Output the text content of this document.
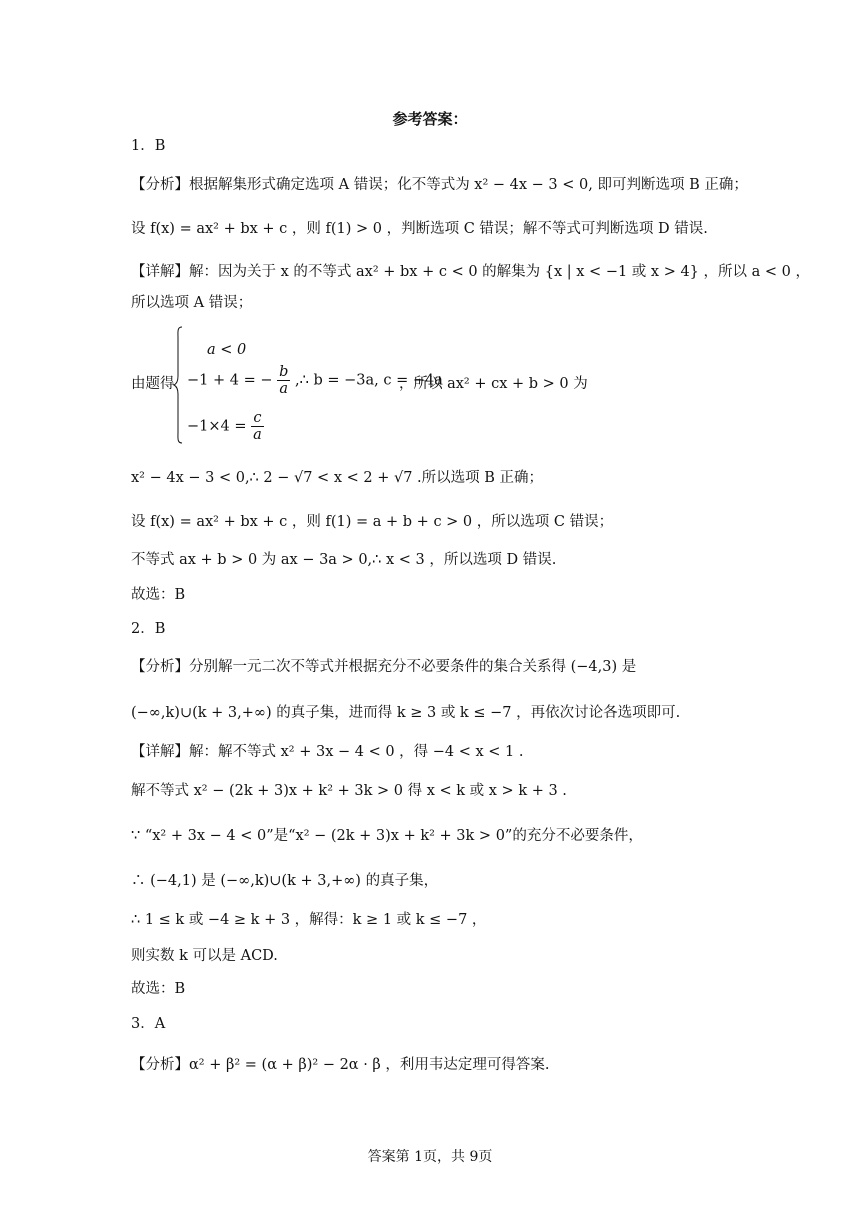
参考答案：
1．B
【分析】根据解集形式确定选项 A 错误；化不等式为 x² − 4x − 3 < 0, 即可判断选项 B 正确；
设 f(x) = ax² + bx + c ，则 f(1) > 0 ，判断选项 C 错误；解不等式可判断选项 D 错误.
【详解】解：因为关于 x 的不等式 ax² + bx + c < 0 的解集为 {x | x < −1 或 x > 4} ，所以 a < 0 ，
所以选项 A 错误；
由题得
a < 0
−1 + 4 = − $\frac{b}{a}$ ,∴ b = −3a, c = −4a
$-1\times 4 = \frac{c}{a}$
，所以 ax² + cx + b > 0 为
x² − 4x − 3 < 0,∴ 2 − √7 < x < 2 + √7 .所以选项 B 正确；
设 f(x) = ax² + bx + c ，则 f(1) = a + b + c > 0 ，所以选项 C 错误；
不等式 ax + b > 0 为 ax − 3a > 0,∴ x < 3 ，所以选项 D 错误.
故选：B
2．B
【分析】分别解一元二次不等式并根据充分不必要条件的集合关系得 (−4,3) 是
(−∞,k)∪(k + 3,+∞) 的真子集，进而得 k ≥ 3 或 k ≤ −7 ，再依次讨论各选项即可.
【详解】解：解不等式 x² + 3x − 4 < 0 ，得 −4 < x < 1 .
解不等式 x² − (2k + 3)x + k² + 3k > 0 得 x < k 或 x > k + 3 .
∵ “x² + 3x − 4 < 0”是“x² − (2k + 3)x + k² + 3k > 0”的充分不必要条件，
∴ (−4,1) 是 (−∞,k)∪(k + 3,+∞) 的真子集，
∴ 1 ≤ k 或 −4 ≥ k + 3 ，解得：k ≥ 1 或 k ≤ −7 ，
则实数 k 可以是 ACD.
故选：B
3．A
【分析】α² + β² = (α + β)² − 2α · β ，利用韦达定理可得答案.
答案第 1页，共 9页
